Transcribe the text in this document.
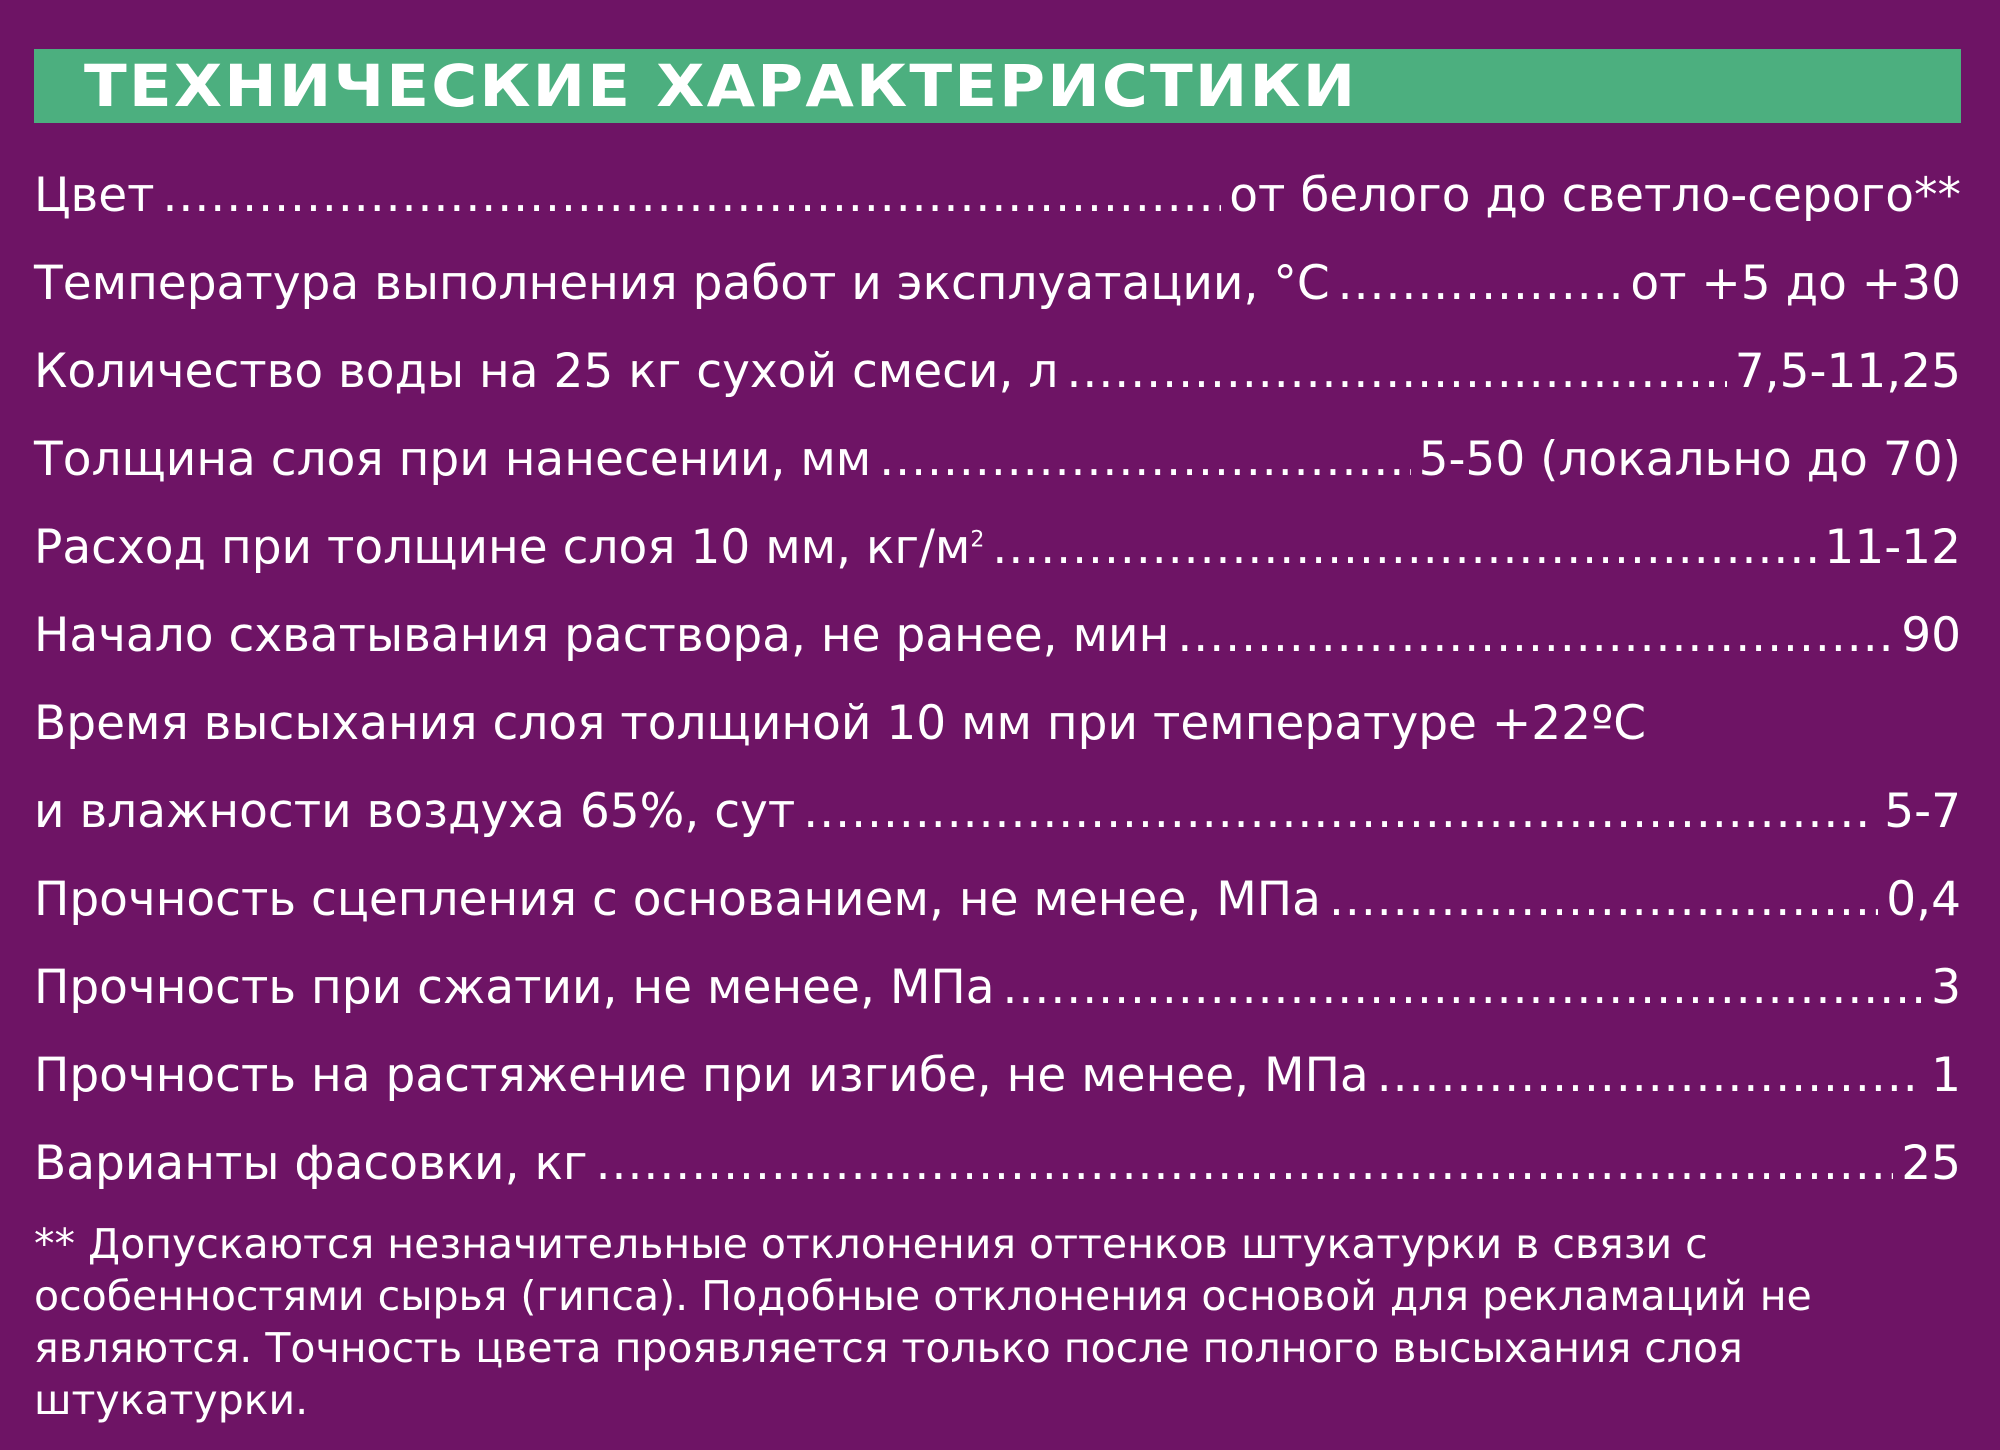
ТЕХНИЧЕСКИЕ ХАРАКТЕРИСТИКИ
Цвет .....	от белого до светло-серого**
Температура выполнения работ и эксплуатации, °С .....	от +5 до +30
Количество воды на 25 кг сухой смеси, л .....	7,5-11,25
Толщина слоя при нанесении, мм .....	5-50 (локально до 70)
Расход при толщине слоя 10 мм, $кг/м^2$ .....	11-12
Начало схватывания раствора, не ранее, мин .....	90
Время высыхания слоя толщиной 10 мм при температуре +22ºС
и влажности воздуха 65%, сут .....	5-7
Прочность сцепления с основанием, не менее, МПа .....	0,4
Прочность при сжатии, не менее, МПа .....	3
Прочность на растяжение при изгибе, не менее, МПа .....	1
Варианты фасовки, кг .....	25
** Допускаются незначительные отклонения оттенков штукатурки в связи с особенностями сырья (гипса). Подобные отклонения основой для рекламаций не являются. Точность цвета проявляется только после полного высыхания слоя штукатурки.
